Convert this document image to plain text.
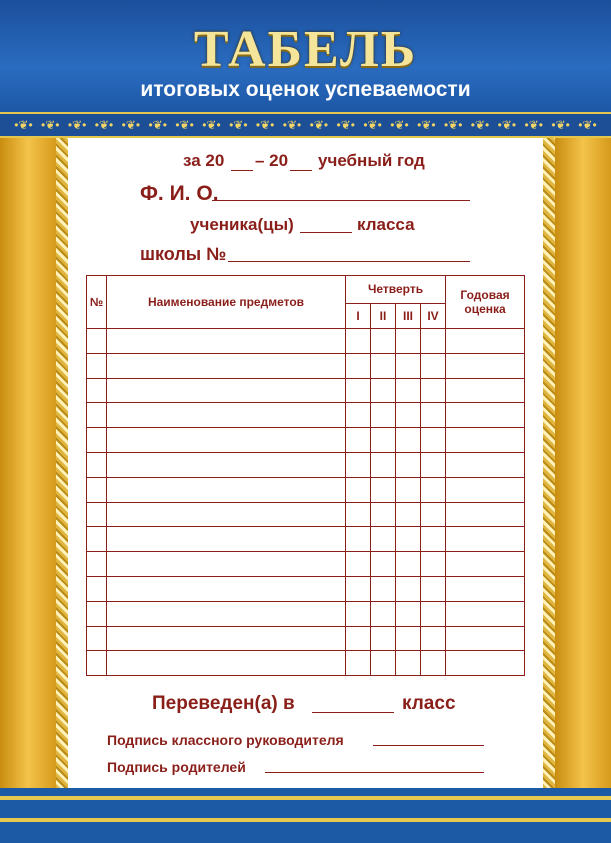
ТАБЕЛЬ
итоговых оценок успеваемости
•❦• •❦• •❦• •❦• •❦• •❦• •❦• •❦• •❦• •❦• •❦• •❦• •❦• •❦• •❦• •❦• •❦• •❦• •❦• •❦• •❦• •❦•
за 20 – 20 учебный год
Ф. И. О.
ученика(цы)	класса
школы №
№	Наименование предметов	Четверть				Годовая оценка
		I	II	III	IV	

Переведен(а) в	класс
Подпись классного руководителя
Подпись родителей
